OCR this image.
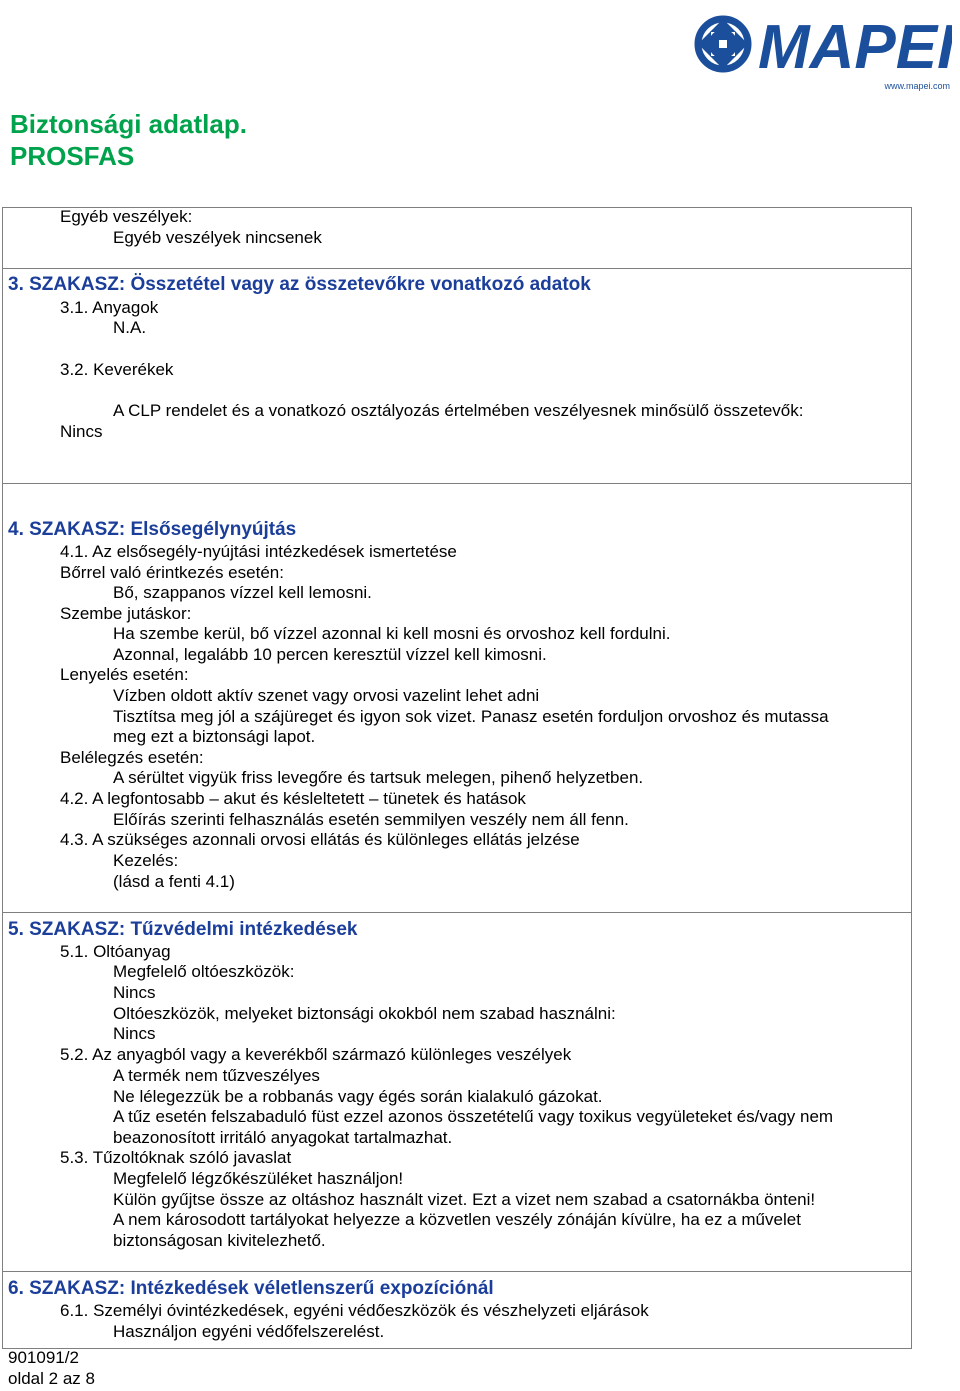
MAPEI
www.mapei.com
Biztonsági adatlap.
PROSFAS
Egyéb veszélyek:
Egyéb veszélyek nincsenek
3. SZAKASZ: Összetétel vagy az összetevőkre vonatkozó adatok
3.1. Anyagok
N.A.
3.2. Keverékek
A CLP rendelet és a vonatkozó osztályozás értelmében veszélyesnek minősülő összetevők:
Nincs
4. SZAKASZ: Elsősegélynyújtás
4.1. Az elsősegély-nyújtási intézkedések ismertetése
Bőrrel való érintkezés esetén:
Bő, szappanos vízzel kell lemosni.
Szembe jutáskor:
Ha szembe kerül, bő vízzel azonnal ki kell mosni és orvoshoz kell fordulni.
Azonnal, legalább 10 percen keresztül vízzel kell kimosni.
Lenyelés esetén:
Vízben oldott aktív szenet vagy orvosi vazelint lehet adni
Tisztítsa meg jól a szájüreget és igyon sok vizet. Panasz esetén forduljon orvoshoz és mutassa
meg ezt a biztonsági lapot.
Belélegzés esetén:
A sérültet vigyük friss levegőre és tartsuk melegen, pihenő helyzetben.
4.2. A legfontosabb – akut és késleltetett – tünetek és hatások
Előírás szerinti felhasználás esetén semmilyen veszély nem áll fenn.
4.3. A szükséges azonnali orvosi ellátás és különleges ellátás jelzése
Kezelés:
(lásd a fenti 4.1)
5. SZAKASZ: Tűzvédelmi intézkedések
5.1. Oltóanyag
Megfelelő oltóeszközök:
Nincs
Oltóeszközök, melyeket biztonsági okokból nem szabad használni:
Nincs
5.2. Az anyagból vagy a keverékből származó különleges veszélyek
A termék nem tűzveszélyes
Ne lélegezzük be a robbanás vagy égés során kialakuló gázokat.
A tűz esetén felszabaduló füst ezzel azonos összetételű vagy toxikus vegyületeket és/vagy nem
beazonosított irritáló anyagokat tartalmazhat.
5.3. Tűzoltóknak szóló javaslat
Megfelelő légzőkészüléket használjon!
Külön gyűjtse össze az oltáshoz használt vizet. Ezt a vizet nem szabad a csatornákba önteni!
A nem károsodott tartályokat helyezze a közvetlen veszély zónáján kívülre, ha ez a művelet
biztonságosan kivitelezhető.
6. SZAKASZ: Intézkedések véletlenszerű expozíciónál
6.1. Személyi óvintézkedések, egyéni védőeszközök és vészhelyzeti eljárások
Használjon egyéni védőfelszerelést.
901091/2
oldal 2 az 8
